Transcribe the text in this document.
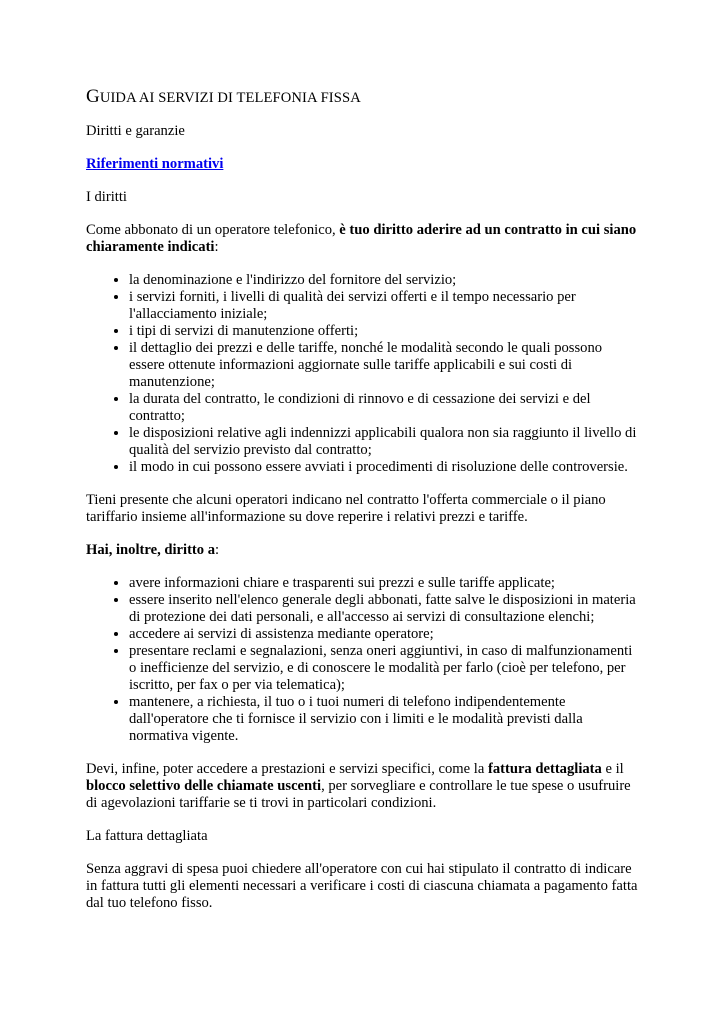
GUIDA AI SERVIZI DI TELEFONIA FISSA

Diritti e garanzie

Riferimenti normativi

I diritti

Come abbonato di un operatore telefonico, è tuo diritto aderire ad un contratto in cui siano chiaramente indicati:

• la denominazione e l'indirizzo del fornitore del servizio;
• i servizi forniti, i livelli di qualità dei servizi offerti e il tempo necessario per l'allacciamento iniziale;
• i tipi di servizi di manutenzione offerti;
• il dettaglio dei prezzi e delle tariffe, nonché le modalità secondo le quali possono essere ottenute informazioni aggiornate sulle tariffe applicabili e sui costi di manutenzione;
• la durata del contratto, le condizioni di rinnovo e di cessazione dei servizi e del contratto;
• le disposizioni relative agli indennizzi applicabili qualora non sia raggiunto il livello di qualità del servizio previsto dal contratto;
• il modo in cui possono essere avviati i procedimenti di risoluzione delle controversie.

Tieni presente che alcuni operatori indicano nel contratto l'offerta commerciale o il piano tariffario insieme all'informazione su dove reperire i relativi prezzi e tariffe.

Hai, inoltre, diritto a:

• avere informazioni chiare e trasparenti sui prezzi e sulle tariffe applicate;
• essere inserito nell'elenco generale degli abbonati, fatte salve le disposizioni in materia di protezione dei dati personali, e all'accesso ai servizi di consultazione elenchi;
• accedere ai servizi di assistenza mediante operatore;
• presentare reclami e segnalazioni, senza oneri aggiuntivi, in caso di malfunzionamenti o inefficienze del servizio, e di conoscere le modalità per farlo (cioè per telefono, per iscritto, per fax o per via telematica);
• mantenere, a richiesta, il tuo o i tuoi numeri di telefono indipendentemente dall'operatore che ti fornisce il servizio con i limiti e le modalità previsti dalla normativa vigente.

Devi, infine, poter accedere a prestazioni e servizi specifici, come la fattura dettagliata e il blocco selettivo delle chiamate uscenti, per sorvegliare e controllare le tue spese o usufruire di agevolazioni tariffarie se ti trovi in particolari condizioni.

La fattura dettagliata

Senza aggravi di spesa puoi chiedere all'operatore con cui hai stipulato il contratto di indicare in fattura tutti gli elementi necessari a verificare i costi di ciascuna chiamata a pagamento fatta dal tuo telefono fisso.
